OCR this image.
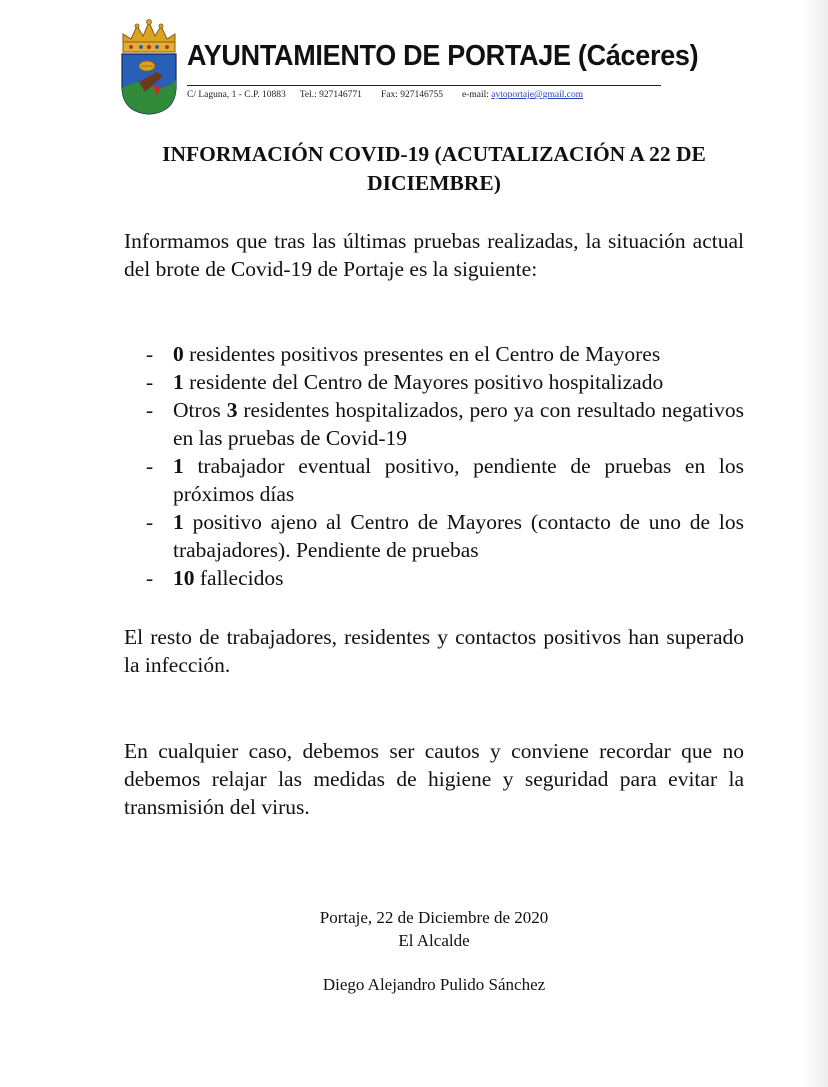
AYUNTAMIENTO DE PORTAJE (Cáceres)
C/ Laguna, 1 - C.P. 10883 Tel.: 927146771 Fax: 927146755 e-mail: aytoportaje@gmail.com
INFORMACIÓN COVID-19 (ACUTALIZACIÓN A 22 DE DICIEMBRE)
Informamos que tras las últimas pruebas realizadas, la situación actual del brote de Covid-19 de Portaje es la siguiente:
- 0 residentes positivos presentes en el Centro de Mayores
- 1 residente del Centro de Mayores positivo hospitalizado
- Otros 3 residentes hospitalizados, pero ya con resultado negativos en las pruebas de Covid-19
- 1 trabajador eventual positivo, pendiente de pruebas en los próximos días
- 1 positivo ajeno al Centro de Mayores (contacto de uno de los trabajadores). Pendiente de pruebas
- 10 fallecidos
El resto de trabajadores, residentes y contactos positivos han superado la infección.
En cualquier caso, debemos ser cautos y conviene recordar que no debemos relajar las medidas de higiene y seguridad para evitar la transmisión del virus.
Portaje, 22 de Diciembre de 2020
El Alcalde
Diego Alejandro Pulido Sánchez
